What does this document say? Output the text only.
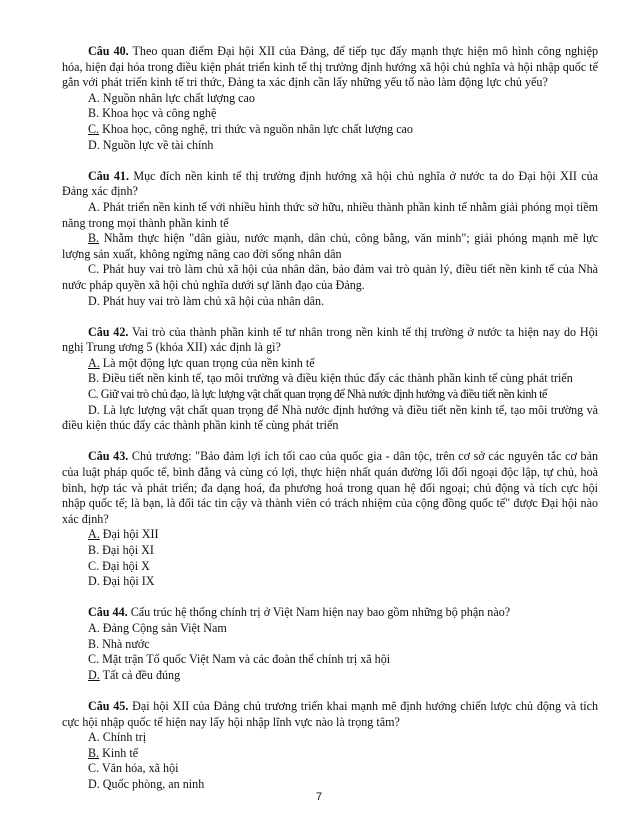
Câu 40. Theo quan điểm Đại hội XII của Đảng, để tiếp tục đẩy mạnh thực hiện mô hình công nghiệp hóa, hiện đại hóa trong điều kiện phát triển kinh tế thị trường định hướng xã hội chủ nghĩa và hội nhập quốc tế gắn với phát triển kinh tế tri thức, Đảng ta xác định cần lấy những yếu tố nào làm động lực chủ yếu?

A. Nguồn nhân lực chất lượng cao

B. Khoa học và công nghệ

C. Khoa học, công nghệ, tri thức và nguồn nhân lực chất lượng cao

D. Nguồn lực về tài chính

Câu 41. Mục đích nền kinh tế thị trường định hướng xã hội chủ nghĩa ở nước ta do Đại hội XII của Đảng xác định?

A. Phát triển nền kinh tế với nhiều hình thức sở hữu, nhiều thành phần kinh tế nhằm giải phóng mọi tiềm năng trong mọi thành phần kinh tế

B. Nhằm thực hiện "dân giàu, nước mạnh, dân chủ, công bằng, văn minh"; giải phóng mạnh mẽ lực lượng sản xuất, không ngừng nâng cao đời sống nhân dân

C. Phát huy vai trò làm chủ xã hội của nhân dân, bảo đảm vai trò quản lý, điều tiết nền kinh tế của Nhà nước pháp quyền xã hội chủ nghĩa dưới sự lãnh đạo của Đảng.

D. Phát huy vai trò làm chủ xã hội của nhân dân.

Câu 42. Vai trò của thành phần kinh tế tư nhân trong nền kinh tế thị trường ở nước ta hiện nay do Hội nghị Trung ương 5 (khóa XII) xác định là gì?

A. Là một động lực quan trọng của nền kinh tế

B. Điều tiết nền kinh tế, tạo môi trường và điều kiện thúc đẩy các thành phần kinh tế cùng phát triển

C. Giữ vai trò chủ đạo, là lực lượng vật chất quan trọng để Nhà nước định hướng và điều tiết nền kinh tế

D. Là lực lượng vật chất quan trọng để Nhà nước định hướng và điều tiết nền kinh tế, tạo môi trường và điều kiện thúc đẩy các thành phần kinh tế cùng phát triển

Câu 43. Chủ trương: "Bảo đảm lợi ích tối cao của quốc gia - dân tộc, trên cơ sở các nguyên tắc cơ bản của luật pháp quốc tế, bình đẳng và cùng có lợi, thực hiện nhất quán đường lối đối ngoại độc lập, tự chủ, hoà bình, hợp tác và phát triển; đa dạng hoá, đa phương hoá trong quan hệ đối ngoại; chủ động và tích cực hội nhập quốc tế; là bạn, là đối tác tin cậy và thành viên có trách nhiệm của cộng đồng quốc tế" được Đại hội nào xác định?

A. Đại hội XII

B. Đại hội XI

C. Đại hội X

D. Đại hội IX

Câu 44. Cấu trúc hệ thống chính trị ở Việt Nam hiện nay bao gồm những bộ phận nào?

A. Đảng Cộng sản Việt Nam

B. Nhà nước

C. Mặt trận Tổ quốc Việt Nam và các đoàn thể chính trị xã hội

D. Tất cả đều đúng

Câu 45. Đại hội XII của Đảng chủ trương triển khai mạnh mẽ định hướng chiến lược chủ động và tích cực hội nhập quốc tế hiện nay lấy hội nhập lĩnh vực nào là trọng tâm?

A. Chính trị

B. Kinh tế

C. Văn hóa, xã hội

D. Quốc phòng, an ninh

7
